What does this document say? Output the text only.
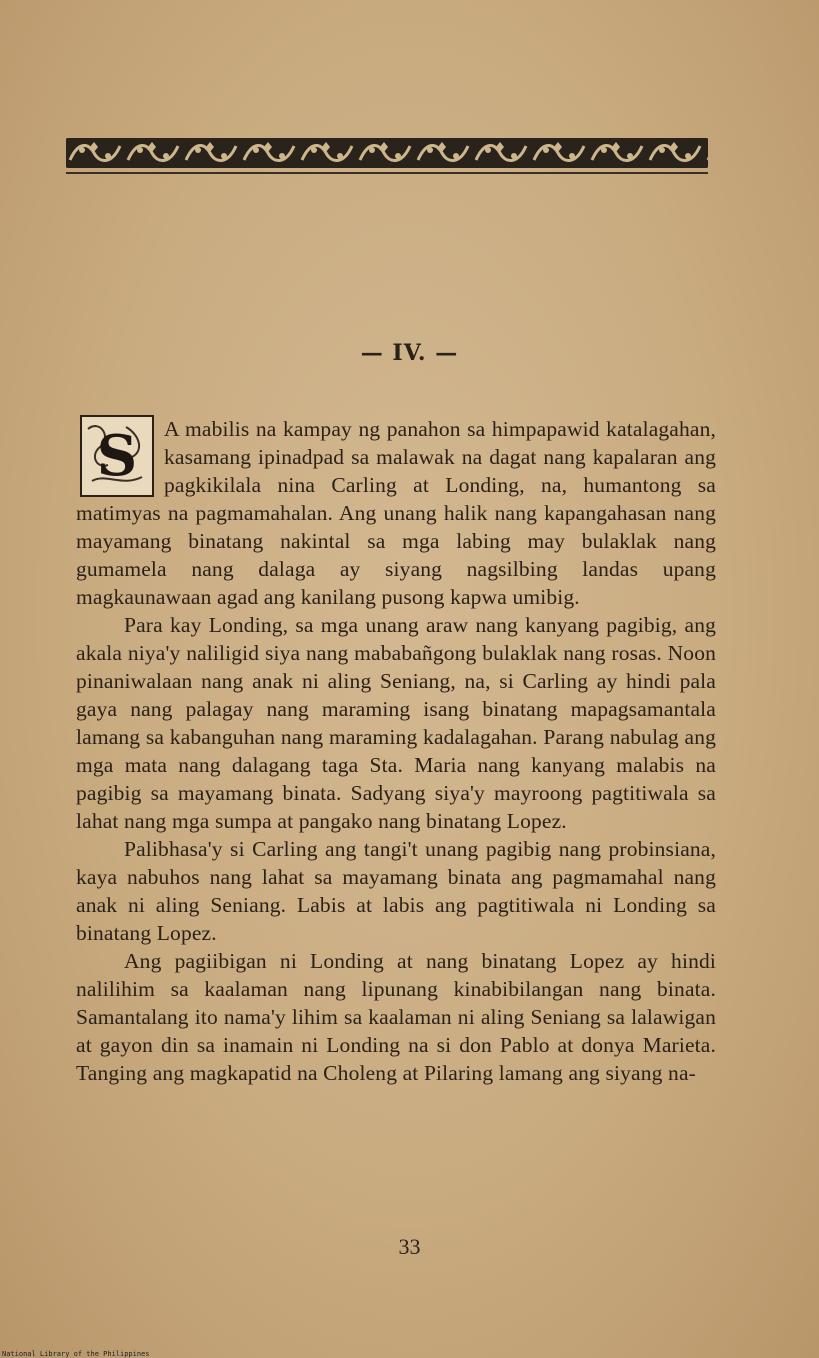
— IV. —

S A mabilis na kampay ng panahon sa himpapawid katalagahan, kasamang ipinadpad sa malawak na dagat nang kapalaran ang pagkikilala nina Carling at Londing, na, humantong sa matimyas na pagmamahalan. Ang unang halik nang kapangahasan nang mayamang binatang nakintal sa mga labing may bulaklak nang gumamela nang dalaga ay siyang nagsilbing landas upang magkaunawaan agad ang kanilang pusong kapwa umibig.

Para kay Londing, sa mga unang araw nang kanyang pagibig, ang akala niya'y naliligid siya nang mababañgong bulaklak nang rosas. Noon pinaniwalaan nang anak ni aling Seniang, na, si Carling ay hindi pala gaya nang palagay nang maraming isang binatang mapagsamantala lamang sa kabanguhan nang maraming kadalagahan. Parang nabulag ang mga mata nang dalagang taga Sta. Maria nang kanyang malabis na pagibig sa mayamang binata. Sadyang siya'y mayroong pagtitiwala sa lahat nang mga sumpa at pangako nang binatang Lopez.

Palibhasa'y si Carling ang tangi't unang pagibig nang probinsiana, kaya nabuhos nang lahat sa mayamang binata ang pagmamahal nang anak ni aling Seniang. Labis at labis ang pagtitiwala ni Londing sa binatang Lopez.

Ang pagiibigan ni Londing at nang binatang Lopez ay hindi nalilihim sa kaalaman nang lipunang kinabibilangan nang binata. Samantalang ito nama'y lihim sa kaalaman ni aling Seniang sa lalawigan at gayon din sa inamain ni Londing na si don Pablo at donya Marieta. Tanging ang magkapatid na Choleng at Pilaring lamang ang siyang na-

33
National Library of the Philippines
